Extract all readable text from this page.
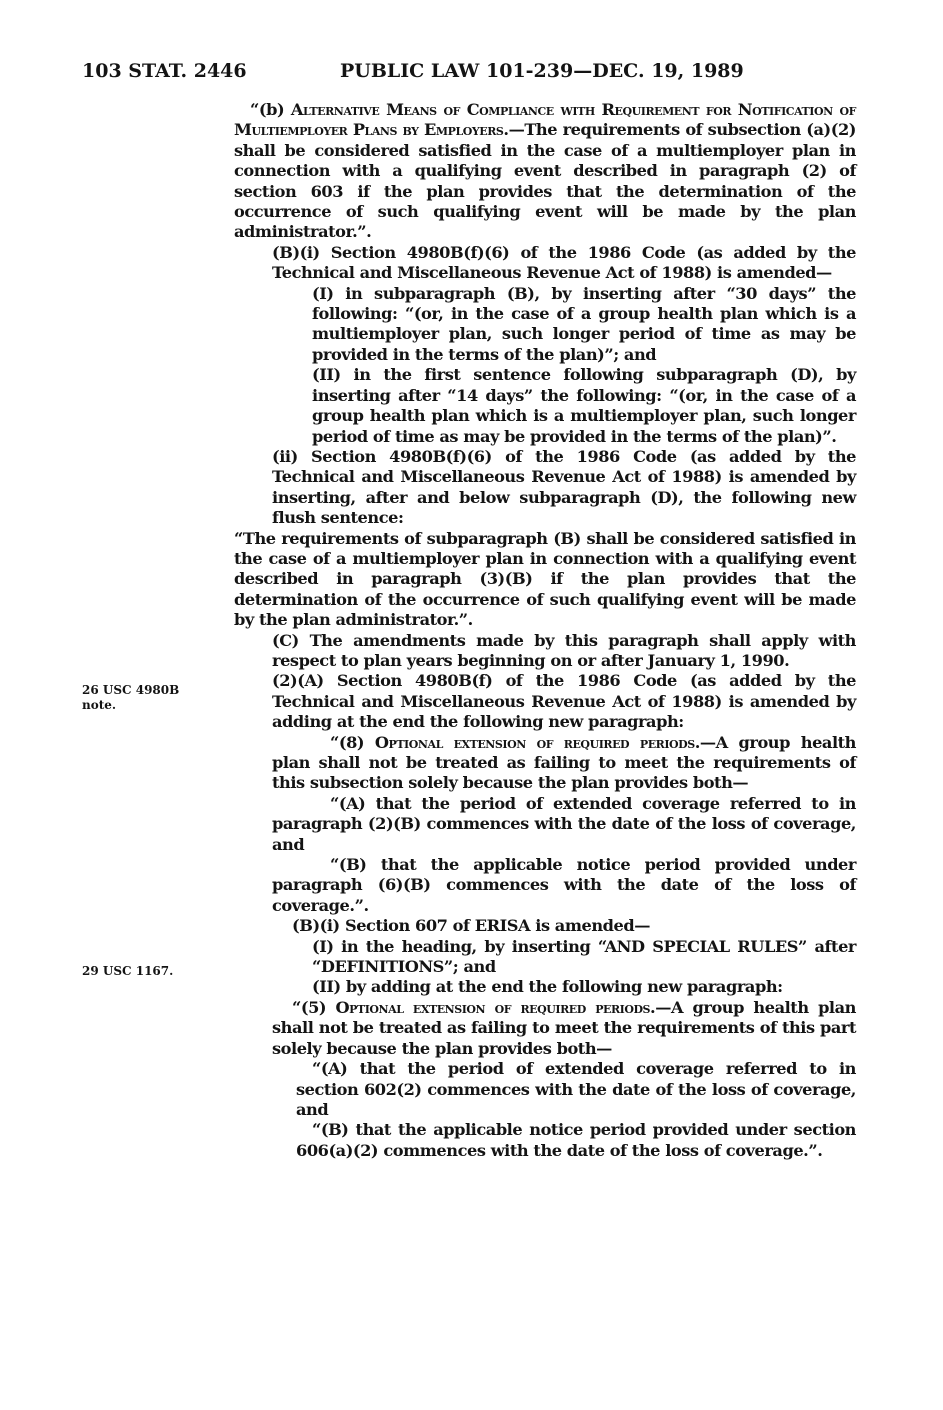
103 STAT. 2446	PUBLIC LAW 101-239—DEC. 19, 1989
26 USC 4980B note.
29 USC 1167.

“(b) Alternative Means of Compliance with Requirement for Notification of Multiemployer Plans by Employers.—The requirements of subsection (a)(2) shall be considered satisfied in the case of a multiemployer plan in connection with a qualifying event described in paragraph (2) of section 603 if the plan provides that the determination of the occurrence of such qualifying event will be made by the plan administrator.”.

(B)(i) Section 4980B(f)(6) of the 1986 Code (as added by the Technical and Miscellaneous Revenue Act of 1988) is amended—

(I) in subparagraph (B), by inserting after “30 days” the following: “(or, in the case of a group health plan which is a multiemployer plan, such longer period of time as may be provided in the terms of the plan)”; and

(II) in the first sentence following subparagraph (D), by inserting after “14 days” the following: “(or, in the case of a group health plan which is a multiemployer plan, such longer period of time as may be provided in the terms of the plan)”.

(ii) Section 4980B(f)(6) of the 1986 Code (as added by the Technical and Miscellaneous Revenue Act of 1988) is amended by inserting, after and below subparagraph (D), the following new flush sentence:

“The requirements of subparagraph (B) shall be considered satisfied in the case of a multiemployer plan in connection with a qualifying event described in paragraph (3)(B) if the plan provides that the determination of the occurrence of such qualifying event will be made by the plan administrator.”.

(C) The amendments made by this paragraph shall apply with respect to plan years beginning on or after January 1, 1990.

(2)(A) Section 4980B(f) of the 1986 Code (as added by the Technical and Miscellaneous Revenue Act of 1988) is amended by adding at the end the following new paragraph:

“(8) Optional extension of required periods.—A group health plan shall not be treated as failing to meet the requirements of this subsection solely because the plan provides both—

“(A) that the period of extended coverage referred to in paragraph (2)(B) commences with the date of the loss of coverage, and

“(B) that the applicable notice period provided under paragraph (6)(B) commences with the date of the loss of coverage.”.

(B)(i) Section 607 of ERISA is amended—

(I) in the heading, by inserting “AND SPECIAL RULES” after “DEFINITIONS”; and

(II) by adding at the end the following new paragraph:

“(5) Optional extension of required periods.—A group health plan shall not be treated as failing to meet the requirements of this part solely because the plan provides both—

“(A) that the period of extended coverage referred to in section 602(2) commences with the date of the loss of coverage, and

“(B) that the applicable notice period provided under section 606(a)(2) commences with the date of the loss of coverage.”.
